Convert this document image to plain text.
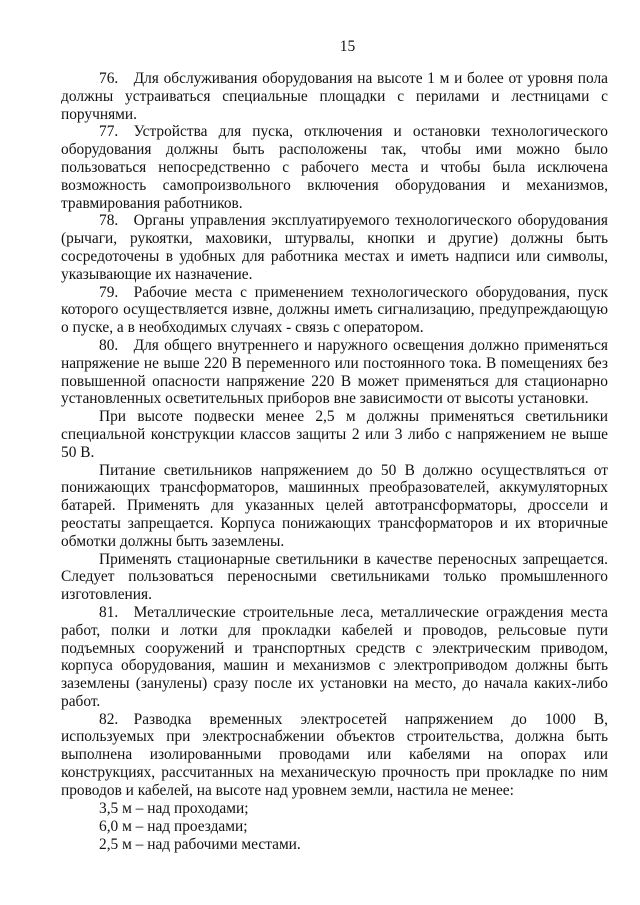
15

76. Для обслуживания оборудования на высоте 1 м и более от уровня пола должны устраиваться специальные площадки с перилами и лестницами с поручнями.

77. Устройства для пуска, отключения и остановки технологического оборудования должны быть расположены так, чтобы ими можно было пользоваться непосредственно с рабочего места и чтобы была исключена возможность самопроизвольного включения оборудования и механизмов, травмирования работников.

78. Органы управления эксплуатируемого технологического оборудования (рычаги, рукоятки, маховики, штурвалы, кнопки и другие) должны быть сосредоточены в удобных для работника местах и иметь надписи или символы, указывающие их назначение.

79. Рабочие места с применением технологического оборудования, пуск которого осуществляется извне, должны иметь сигнализацию, предупреждающую о пуске, а в необходимых случаях - связь с оператором.

80. Для общего внутреннего и наружного освещения должно применяться напряжение не выше 220 В переменного или постоянного тока. В помещениях без повышенной опасности напряжение 220 В может применяться для стационарно установленных осветительных приборов вне зависимости от высоты установки.

При высоте подвески менее 2,5 м должны применяться светильники специальной конструкции классов защиты 2 или 3 либо с напряжением не выше 50 В.

Питание светильников напряжением до 50 В должно осуществляться от понижающих трансформаторов, машинных преобразователей, аккумуляторных батарей. Применять для указанных целей автотрансформаторы, дроссели и реостаты запрещается. Корпуса понижающих трансформаторов и их вторичные обмотки должны быть заземлены.

Применять стационарные светильники в качестве переносных запрещается. Следует пользоваться переносными светильниками только промышленного изготовления.

81. Металлические строительные леса, металлические ограждения места работ, полки и лотки для прокладки кабелей и проводов, рельсовые пути подъемных сооружений и транспортных средств с электрическим приводом, корпуса оборудования, машин и механизмов с электроприводом должны быть заземлены (занулены) сразу после их установки на место, до начала каких-либо работ.

82. Разводка временных электросетей напряжением до 1000 В, используемых при электроснабжении объектов строительства, должна быть выполнена изолированными проводами или кабелями на опорах или конструкциях, рассчитанных на механическую прочность при прокладке по ним проводов и кабелей, на высоте над уровнем земли, настила не менее:

3,5 м – над проходами;

6,0 м – над проездами;

2,5 м – над рабочими местами.
